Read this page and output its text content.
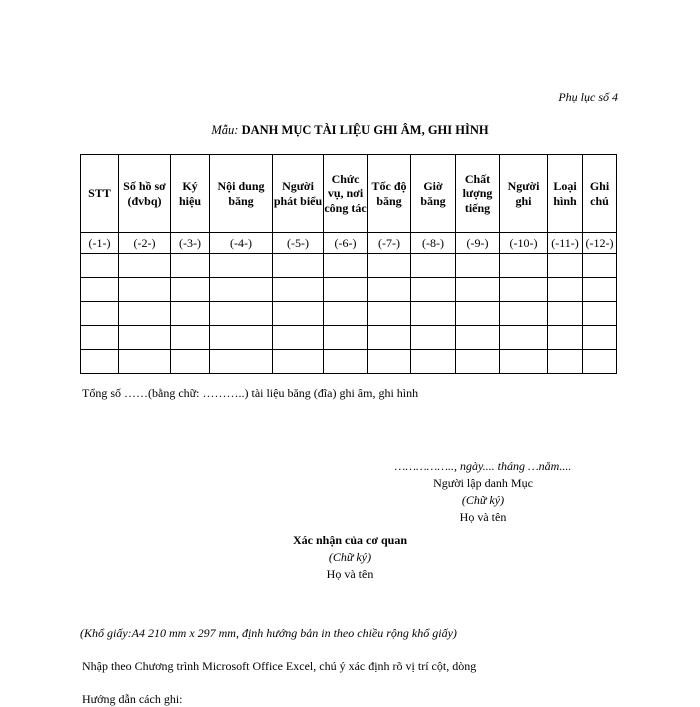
Phụ lục số 4
Mẫu: DANH MỤC TÀI LIỆU GHI ÂM, GHI HÌNH
STT	Số hồ sơ (đvbq)	Ký hiệu	Nội dung băng	Người phát biểu	Chức vụ, nơi công tác	Tốc độ băng	Giờ băng	Chất lượng tiếng	Người ghi	Loại hình	Ghi chú
(-1-)	(-2-)	(-3-)	(-4-)	(-5-)	(-6-)	(-7-)	(-8-)	(-9-)	(-10-)	(-11-)	(-12-)

Tổng số ……(bằng chữ: ………..) tài liệu băng (đĩa) ghi âm, ghi hình
…………….., ngày.... tháng …năm....
Người lập danh Mục
(Chữ ký)
Họ và tên
Xác nhận của cơ quan
(Chữ ký)
Họ và tên
(Khổ giấy:A4 210 mm x 297 mm, định hướng bản in theo chiều rộng khổ giấy)
Nhập theo Chương trình Microsoft Office Excel, chú ý xác định rõ vị trí cột, dòng
Hướng dẫn cách ghi:
